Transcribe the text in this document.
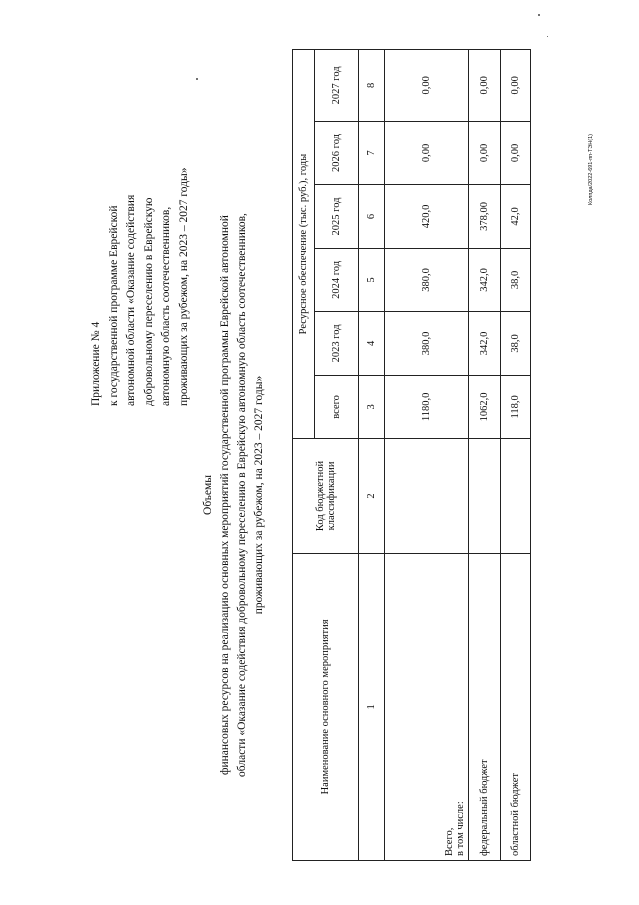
Приложение № 4 к государственной программе Еврейской автономной области «Оказание содействия добровольному переселению в Еврейскую автономную область соотечественников, проживающих за рубежом, на 2023 – 2027 годы»
Объемы финансовых ресурсов на реализацию основных мероприятий государственной программы Еврейской автономной области «Оказание содействия добровольному переселению в Еврейскую автономную область соотечественников, проживающих за рубежом, на 2023 – 2027 годы»
Наименование основного мероприятия	Код бюджетной классификации	Ресурсное обеспечение (тыс. руб.), годы					
		всего	2023 год	2024 год	2025 год	2026 год	2027 год
1	2	3	4	5	6	7	8

Всего, в том числе:		1180,0	380,0	380,0	420,0	0,00	0,00
федеральный бюджет		1062,0	342,0	342,0	378,00	0,00	0,00
областной бюджет		118,0	38,0	38,0	42,0	0,00	0,00
Колпда/2022-691-пп-ТЭН(1)
